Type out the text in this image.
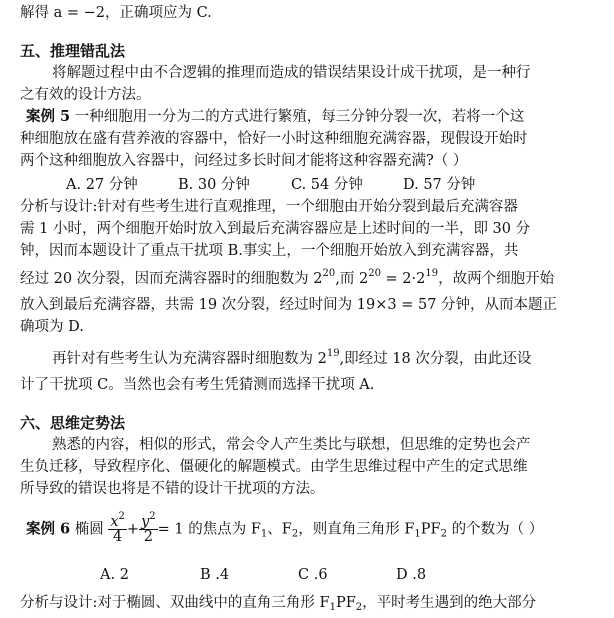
解得 a = −2，正确项应为 C.
五、推理错乱法
将解题过程中由不合逻辑的推理而造成的错误结果设计成干扰项，是一种行
之有效的设计方法。
案例 5 一种细胞用一分为二的方式进行繁殖，每三分钟分裂一次，若将一个这
种细胞放在盛有营养液的容器中，恰好一小时这种细胞充满容器，现假设开始时
两个这种细胞放入容器中，问经过多长时间才能将这种容器充满?（ ）
A. 27 分钟	B. 30 分钟	C. 54 分钟	D. 57 分钟
分析与设计:针对有些考生进行直观推理，一个细胞由开始分裂到最后充满容器
需 1 小时，两个细胞开始时放入到最后充满容器应是上述时间的一半，即 30 分
钟，因而本题设计了重点干扰项 B.事实上，一个细胞开始放入到充满容器，共
经过 20 次分裂，因而充满容器时的细胞数为 $2^{20}$,而 $2^{20} = 2\cdot 2^{19}$，故两个细胞开始
放入到最后充满容器，共需 19 次分裂，经过时间为 19×3 = 57 分钟，从而本题正
确项为 D.
再针对有些考生认为充满容器时细胞数为 $2^{19}$,即经过 18 次分裂，由此还设
计了干扰项 C。当然也会有考生凭猜测而选择干扰项 A.
六、思维定势法
熟悉的内容，相似的形式，常会令人产生类比与联想，但思维的定势也会产
生负迁移，导致程序化、僵硬化的解题模式。由学生思维过程中产生的定式思维
所导致的错误也将是不错的设计干扰项的方法。
案例 6 椭圆 $\frac{x^2}{4} + \frac{y^2}{2} = 1$ 的焦点为 $F_1$、$F_2$，则直角三角形 $F_1PF_2$ 的个数为（ ）
A. 2	B .4	C .6	D .8
分析与设计:对于椭圆、双曲线中的直角三角形 $F_1PF_2$，平时考生遇到的绝大部分
